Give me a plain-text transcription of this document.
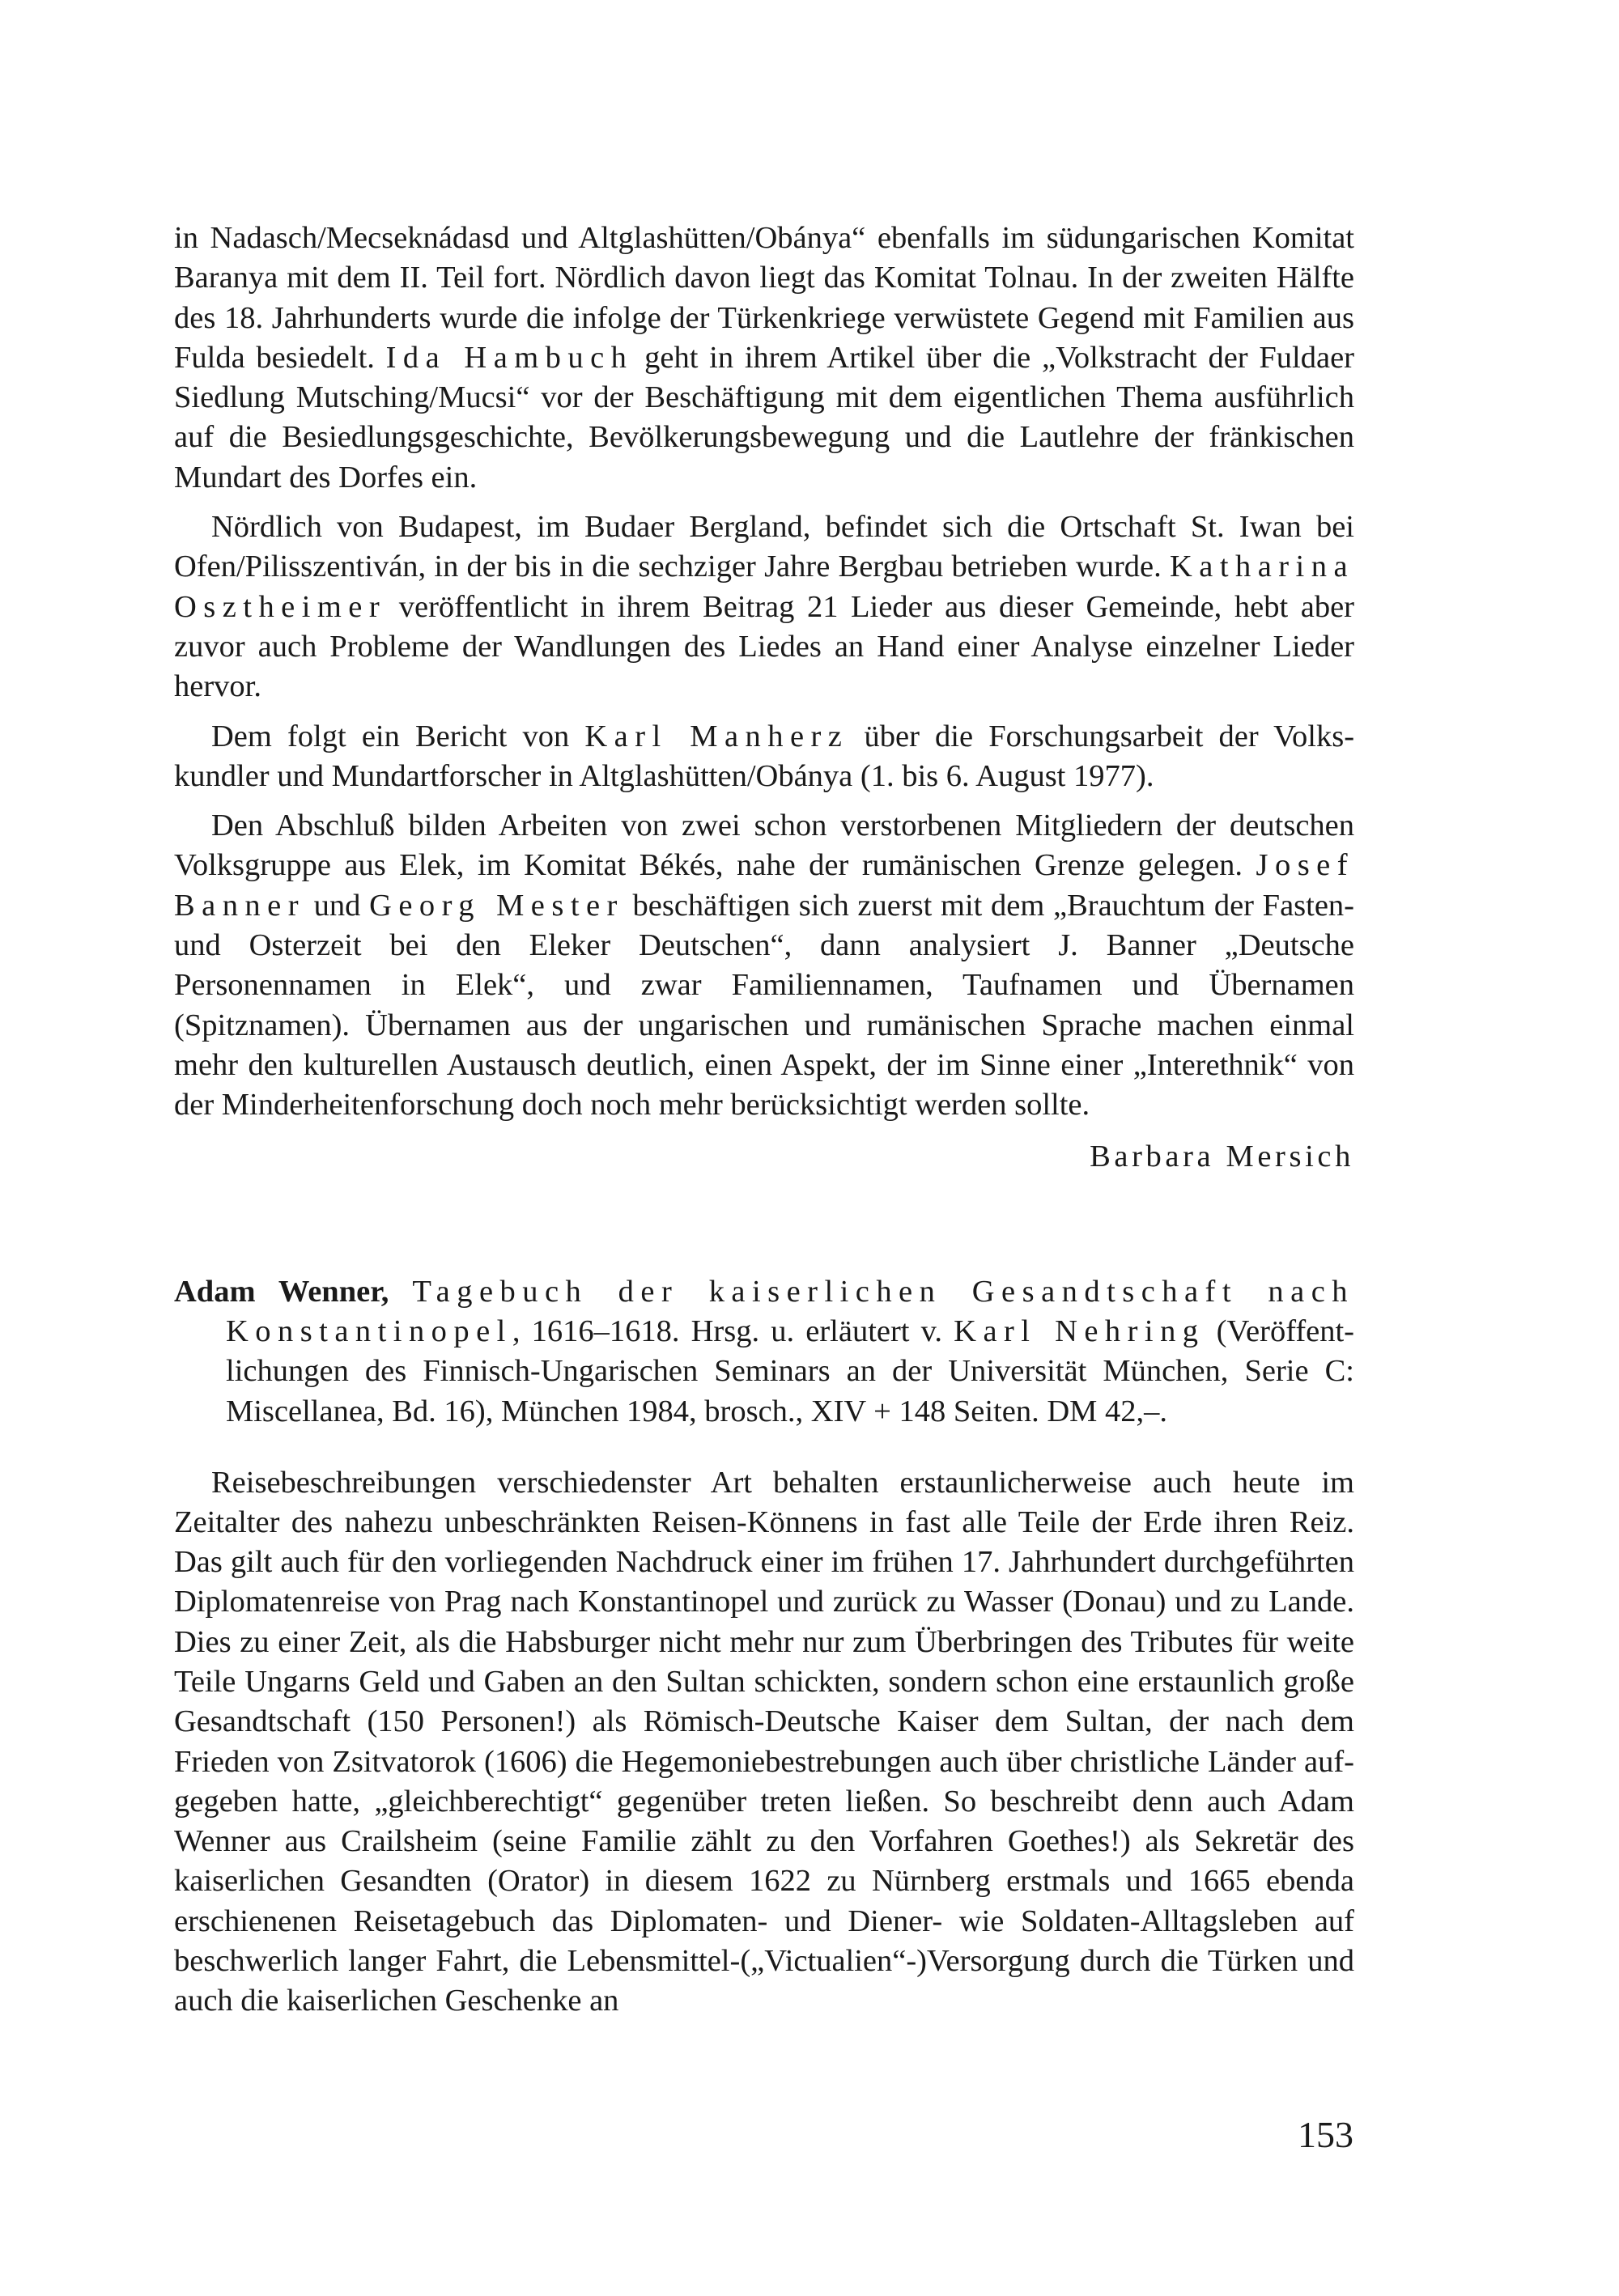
in Nadasch/Mecseknádasd und Altglashütten/Obánya“ ebenfalls im südungarischen Komitat Baranya mit dem II. Teil fort. Nördlich davon liegt das Komitat Tolnau. In der zweiten Hälfte des 18. Jahrhunderts wurde die infolge der Türkenkriege verwüstete Gegend mit Familien aus Fulda besiedelt. Ida Hambuch geht in ihrem Artikel über die „Volkstracht der Fuldaer Siedlung Mutsching/Mucsi“ vor der Beschäftigung mit dem eigentlichen Thema ausführlich auf die Besiedlungsgeschichte, Bevölkerungsbewegung und die Lautlehre der fränkischen Mundart des Dorfes ein.

Nördlich von Budapest, im Budaer Bergland, befindet sich die Ortschaft St. Iwan bei Ofen/Pilisszentiván, in der bis in die sechziger Jahre Bergbau betrieben wurde. Katharina Osztheimer veröffentlicht in ihrem Beitrag 21 Lieder aus dieser Gemeinde, hebt aber zuvor auch Probleme der Wandlungen des Liedes an Hand einer Analyse einzelner Lieder hervor.

Dem folgt ein Bericht von Karl Manherz über die Forschungsarbeit der Volkskundler und Mundartforscher in Altglashütten/Obánya (1. bis 6. August 1977).

Den Abschluß bilden Arbeiten von zwei schon verstorbenen Mitgliedern der deutschen Volksgruppe aus Elek, im Komitat Békés, nahe der rumänischen Grenze gelegen. Josef Banner und Georg Mester beschäftigen sich zuerst mit dem „Brauchtum der Fasten- und Osterzeit bei den Eleker Deutschen“, dann analysiert J. Banner „Deutsche Personennamen in Elek“, und zwar Familiennamen, Taufnamen und Übernamen (Spitznamen). Übernamen aus der ungarischen und rumänischen Sprache machen einmal mehr den kulturellen Austausch deutlich, einen Aspekt, der im Sinne einer „Interethnik“ von der Minderheitenforschung doch noch mehr berücksichtigt werden sollte.

Barbara Mersich

Adam Wenner, Tagebuch der kaiserlichen Gesandtschaft nach Konstantinopel, 1616–1618. Hrsg. u. erläutert v. Karl Nehring (Veröffentlichungen des Finnisch-Ungarischen Seminars an der Universität München, Serie C: Miscellanea, Bd. 16), München 1984, brosch., XIV + 148 Seiten. DM 42,–.

Reisebeschreibungen verschiedenster Art behalten erstaunlicherweise auch heute im Zeitalter des nahezu unbeschränkten Reisen-Könnens in fast alle Teile der Erde ihren Reiz. Das gilt auch für den vorliegenden Nachdruck einer im frühen 17. Jahrhundert durchgeführten Diplomatenreise von Prag nach Konstantinopel und zurück zu Wasser (Donau) und zu Lande. Dies zu einer Zeit, als die Habsburger nicht mehr nur zum Überbringen des Tributes für weite Teile Ungarns Geld und Gaben an den Sultan schickten, sondern schon eine erstaunlich große Gesandtschaft (150 Personen!) als Römisch-Deutsche Kaiser dem Sultan, der nach dem Frieden von Zsitvatorok (1606) die Hegemoniebestrebungen auch über christliche Länder aufgegeben hatte, „gleichberechtigt“ gegenüber treten ließen. So beschreibt denn auch Adam Wenner aus Crailsheim (seine Familie zählt zu den Vorfahren Goethes!) als Sekretär des kaiserlichen Gesandten (Orator) in diesem 1622 zu Nürnberg erstmals und 1665 ebenda erschienenen Reisetagebuch das Diplomaten- und Diener- wie Soldaten-Alltagsleben auf beschwerlich langer Fahrt, die Lebensmittel-(„Victualien“-)Versorgung durch die Türken und auch die kaiserlichen Geschenke an

153
